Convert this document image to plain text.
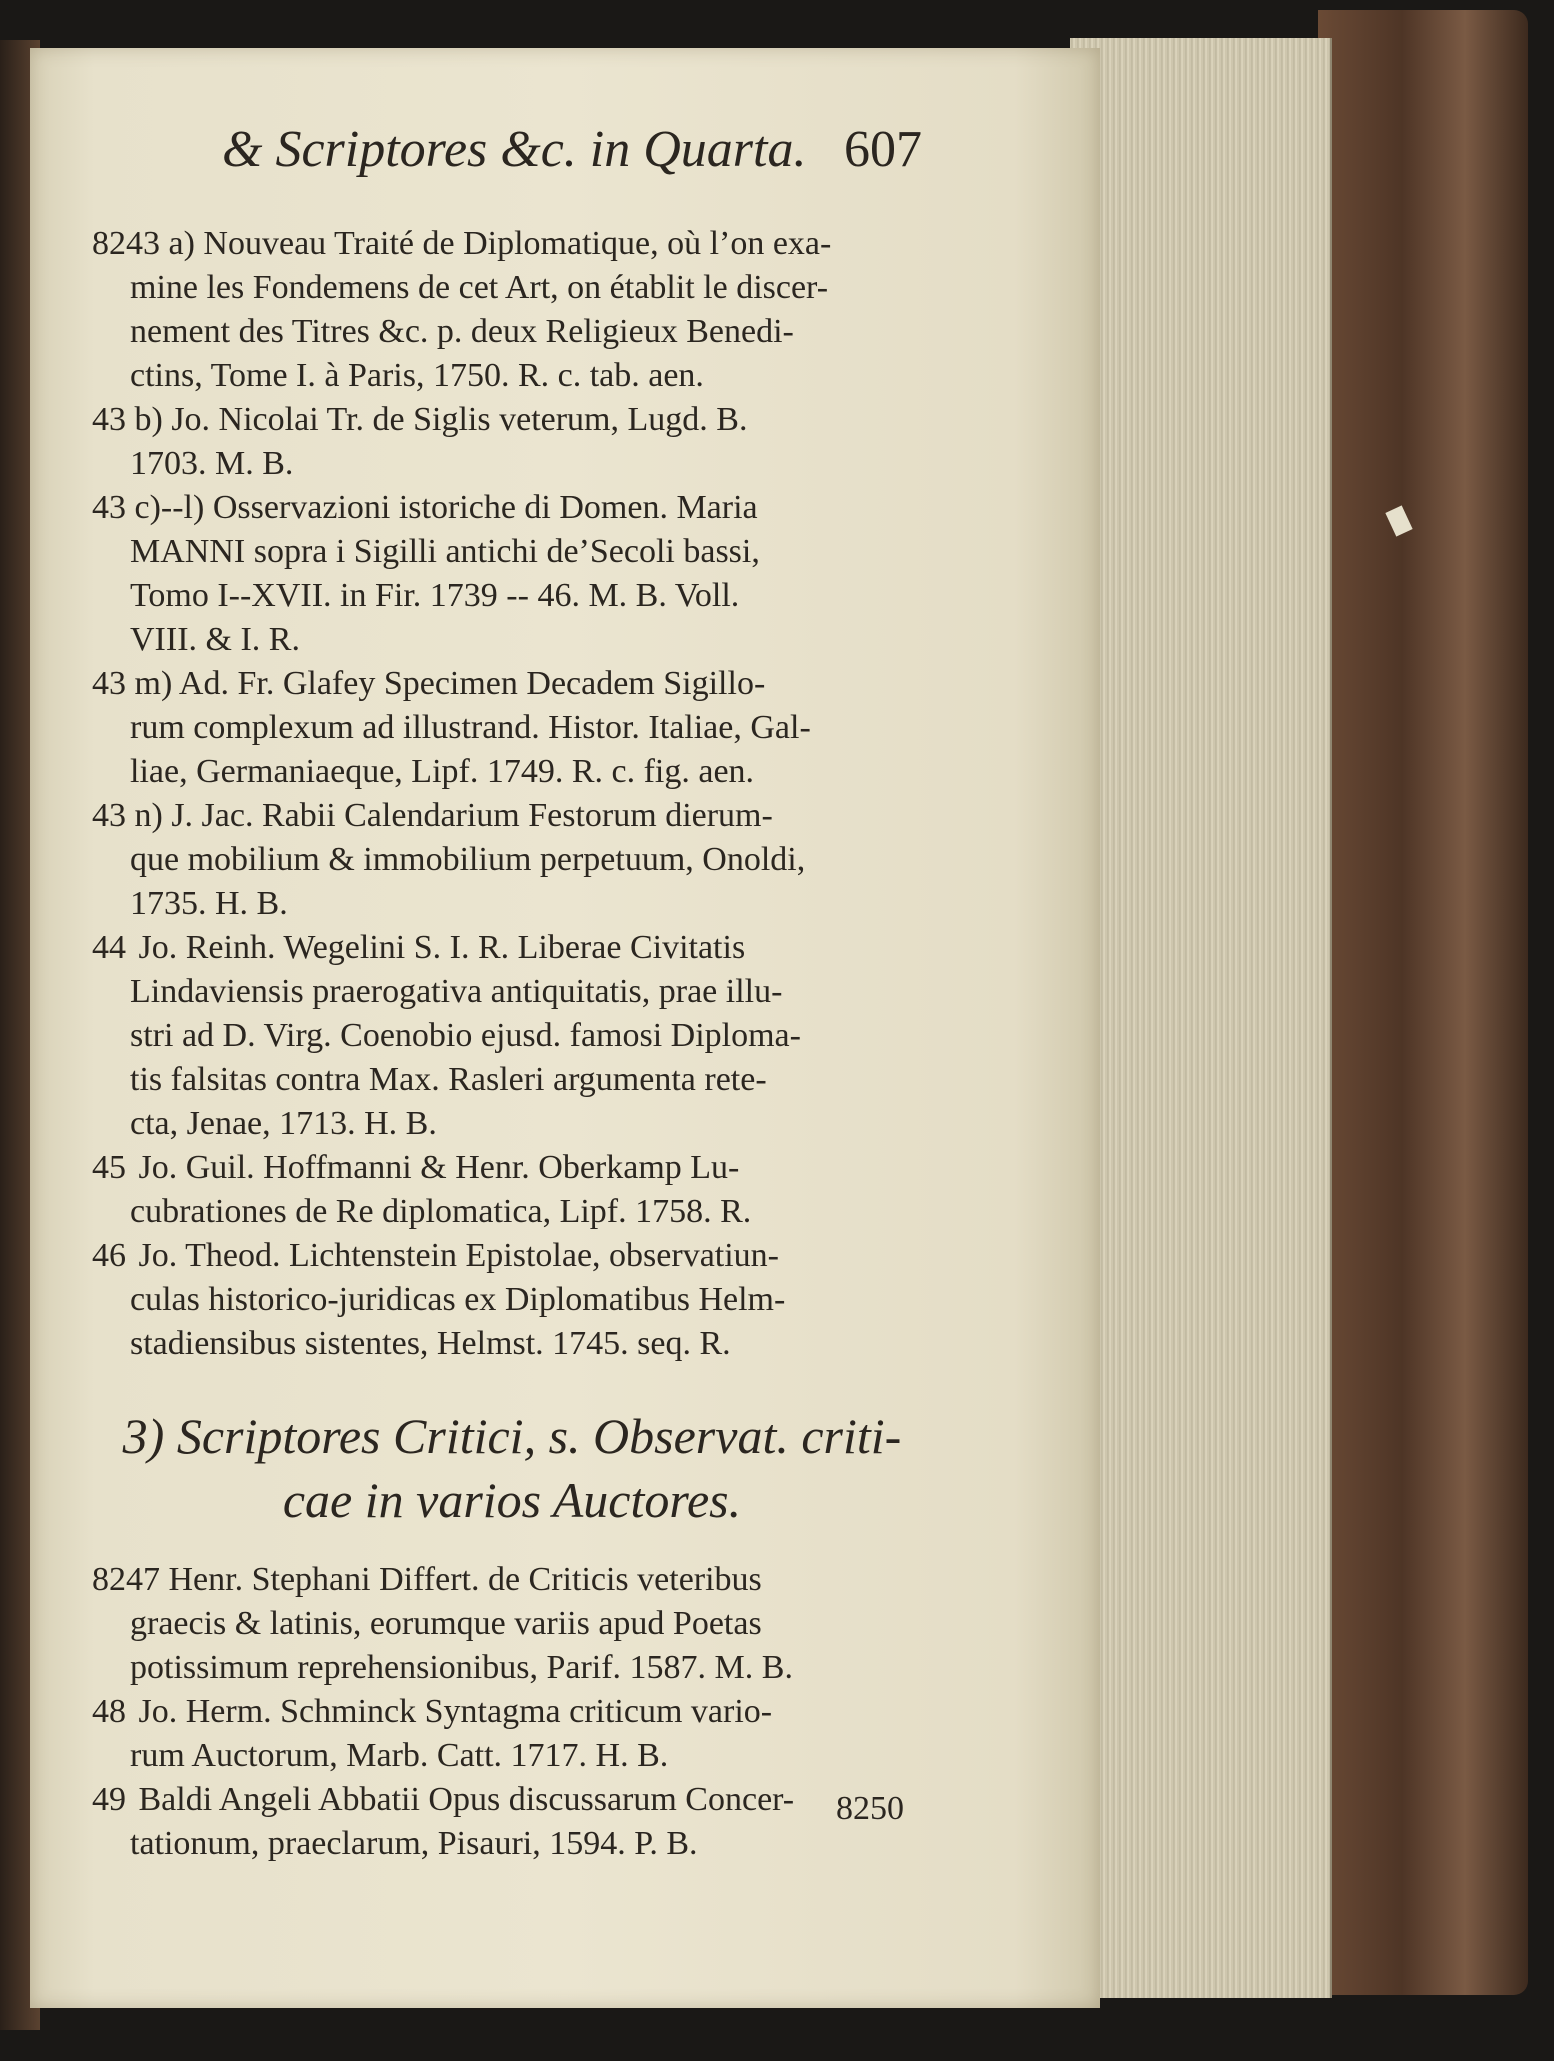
& Scriptores &c. in Quarta. 607
8243 a) Nouveau Traité de Diplomatique, où l’on exa-
mine les Fondemens de cet Art, on établit le discer-
nement des Titres &c. p. deux Religieux Benedi-
ctins, Tome I. à Paris, 1750. R. c. tab. aen.
43 b) Jo. Nicolai Tr. de Siglis veterum, Lugd. B.
1703. M. B.
43 c)--l) Osservazioni istoriche di Domen. Maria
MANNI sopra i Sigilli antichi de’Secoli bassi,
Tomo I--XVII. in Fir. 1739 -- 46. M. B. Voll.
VIII. & I. R.
43 m) Ad. Fr. Glafey Specimen Decadem Sigillo-
rum complexum ad illustrand. Histor. Italiae, Gal-
liae, Germaniaeque, Lipf. 1749. R. c. fig. aen.
43 n) J. Jac. Rabii Calendarium Festorum dierum-
que mobilium & immobilium perpetuum, Onoldi,
1735. H. B.
44 Jo. Reinh. Wegelini S. I. R. Liberae Civitatis
Lindaviensis praerogativa antiquitatis, prae illu-
stri ad D. Virg. Coenobio ejusd. famosi Diploma-
tis falsitas contra Max. Rasleri argumenta rete-
cta, Jenae, 1713. H. B.
45 Jo. Guil. Hoffmanni & Henr. Oberkamp Lu-
cubrationes de Re diplomatica, Lipf. 1758. R.
46 Jo. Theod. Lichtenstein Epistolae, observatiun-
culas historico-juridicas ex Diplomatibus Helm-
stadiensibus sistentes, Helmst. 1745. seq. R.
3) Scriptores Critici, s. Observat. criti-
cae in varios Auctores.
8247 Henr. Stephani Differt. de Criticis veteribus
graecis & latinis, eorumque variis apud Poetas
potissimum reprehensionibus, Parif. 1587. M. B.
48 Jo. Herm. Schminck Syntagma criticum vario-
rum Auctorum, Marb. Catt. 1717. H. B.
49 Baldi Angeli Abbatii Opus discussarum Concer-
tationum, praeclarum, Pisauri, 1594. P. B.
8250
